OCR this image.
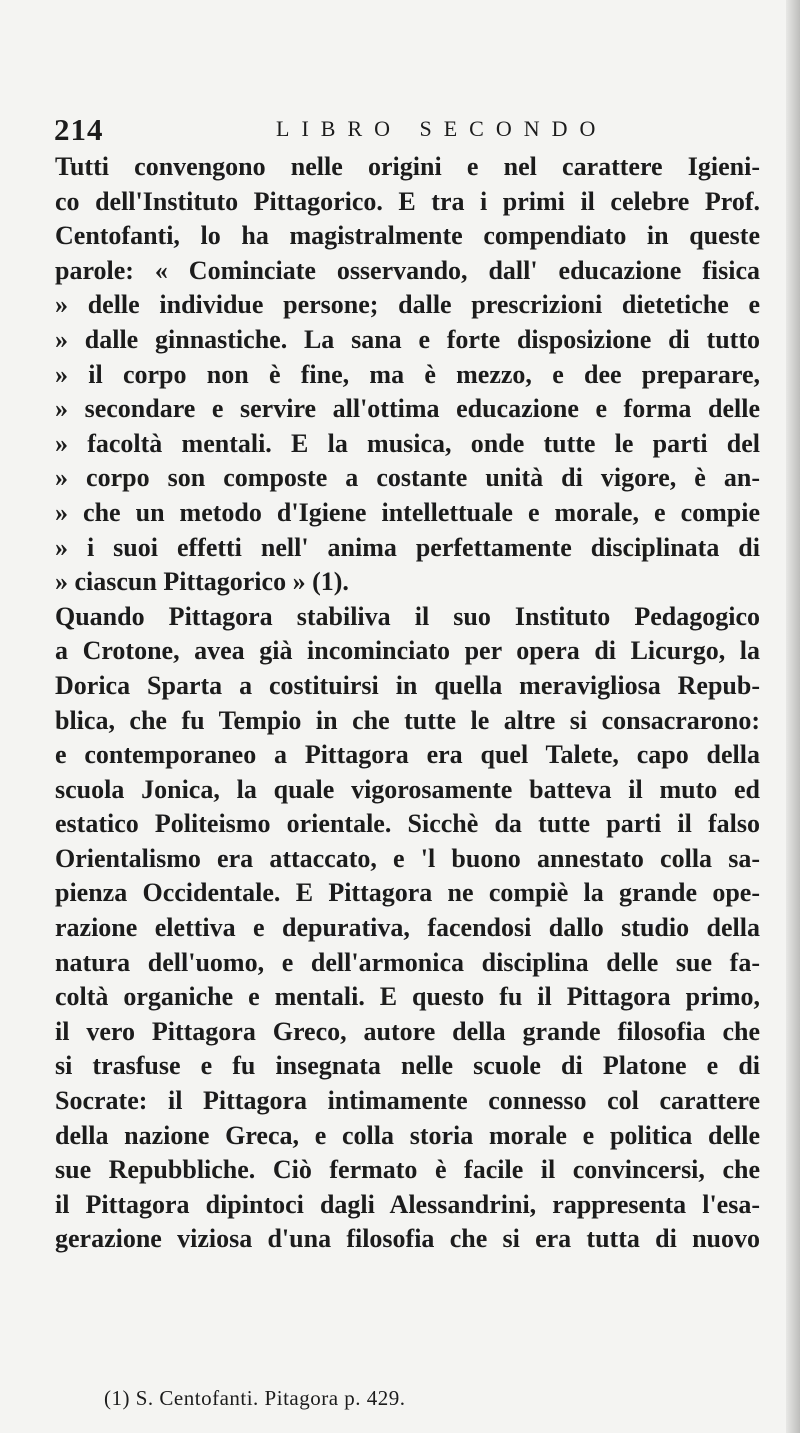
214	LIBRO SECONDO
Tutti convengono nelle origini e nel carattere Igieni-
co dell'Instituto Pittagorico. E tra i primi il celebre Prof.
Centofanti, lo ha magistralmente compendiato in queste
parole: « Cominciate osservando, dall' educazione fisica
» delle individue persone; dalle prescrizioni dietetiche e
» dalle ginnastiche. La sana e forte disposizione di tutto
» il corpo non è fine, ma è mezzo, e dee preparare,
» secondare e servire all'ottima educazione e forma delle
» facoltà mentali. E la musica, onde tutte le parti del
» corpo son composte a costante unità di vigore, è an-
» che un metodo d'Igiene intellettuale e morale, e compie
» i suoi effetti nell' anima perfettamente disciplinata di
» ciascun Pittagorico » (1).
Quando Pittagora stabiliva il suo Instituto Pedagogico
a Crotone, avea già incominciato per opera di Licurgo, la
Dorica Sparta a costituirsi in quella meravigliosa Repub-
blica, che fu Tempio in che tutte le altre si consacrarono:
e contemporaneo a Pittagora era quel Talete, capo della
scuola Jonica, la quale vigorosamente batteva il muto ed
estatico Politeismo orientale. Sicchè da tutte parti il falso
Orientalismo era attaccato, e 'l buono annestato colla sa-
pienza Occidentale. E Pittagora ne compiè la grande ope-
razione elettiva e depurativa, facendosi dallo studio della
natura dell'uomo, e dell'armonica disciplina delle sue fa-
coltà organiche e mentali. E questo fu il Pittagora primo,
il vero Pittagora Greco, autore della grande filosofia che
si trasfuse e fu insegnata nelle scuole di Platone e di
Socrate: il Pittagora intimamente connesso col carattere
della nazione Greca, e colla storia morale e politica delle
sue Repubbliche. Ciò fermato è facile il convincersi, che
il Pittagora dipintoci dagli Alessandrini, rappresenta l'esa-
gerazione viziosa d'una filosofia che si era tutta di nuovo
(1) S. Centofanti. Pitagora p. 429.
